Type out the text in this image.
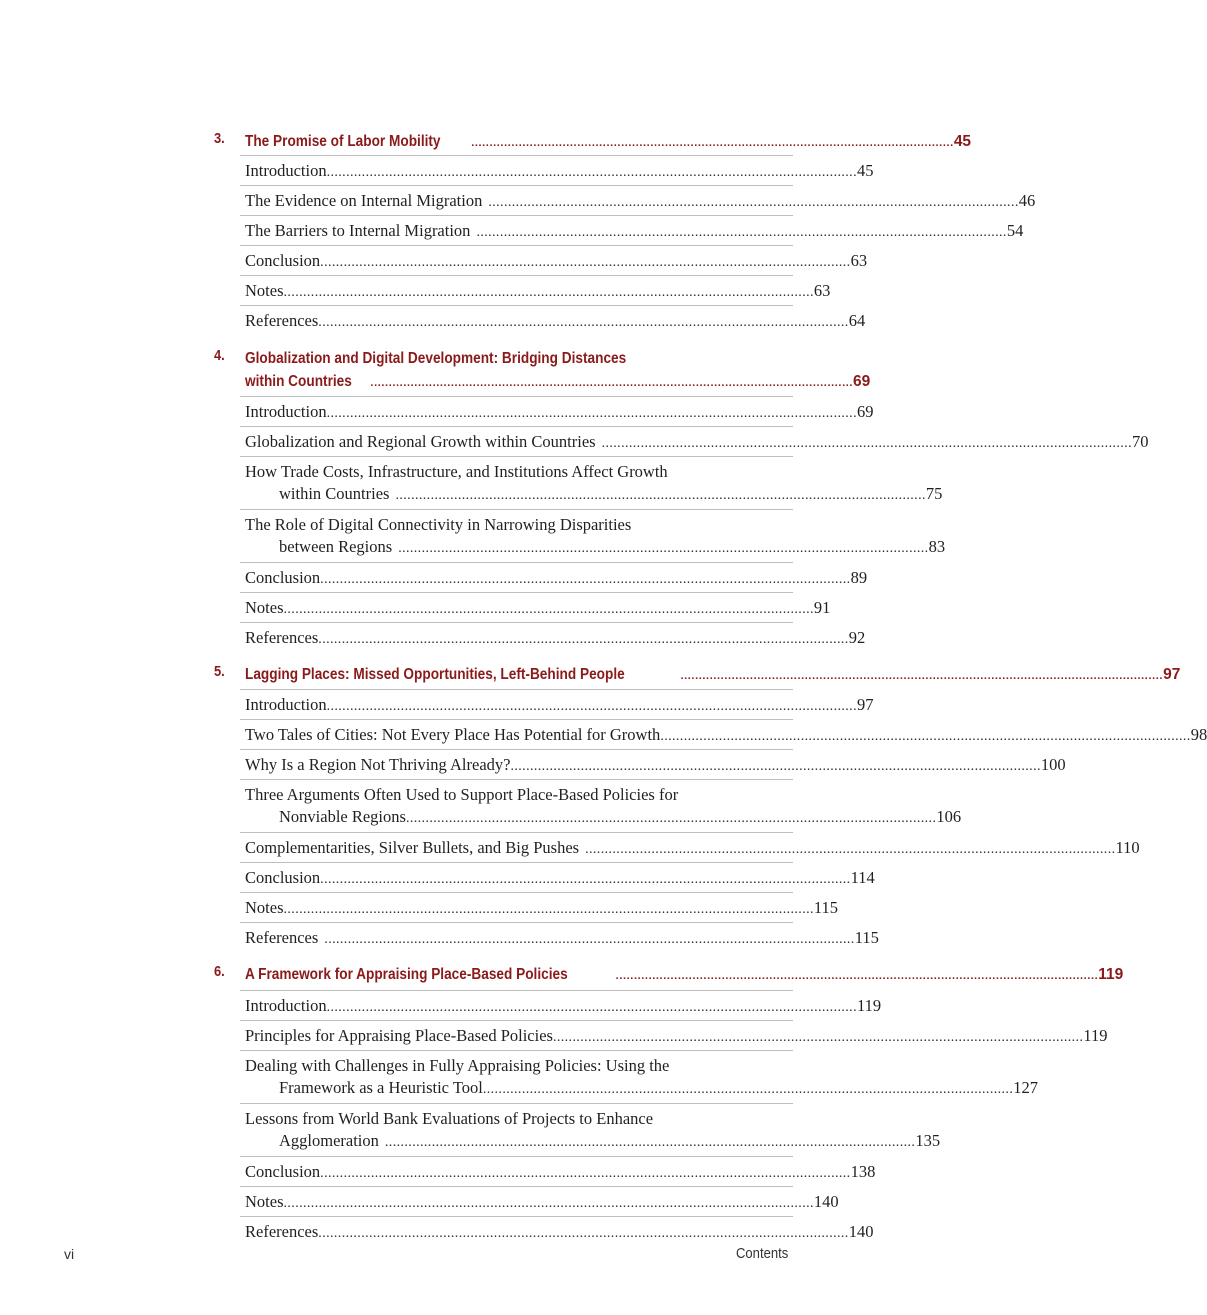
3. The Promise of Labor Mobility	.................................................................................................................................... 45
Introduction ........................................................................................................................................ 45
The Evidence on Internal Migration ........................................................................................................................................ 46
The Barriers to Internal Migration ........................................................................................................................................ 54
Conclusion ........................................................................................................................................ 63
Notes ........................................................................................................................................ 63
References ........................................................................................................................................ 64
4. Globalization and Digital Development: Bridging Distances
within Countries .................................................................................................................................... 69
Introduction ........................................................................................................................................ 69
Globalization and Regional Growth within Countries ........................................................................................................................................ 70
How Trade Costs, Infrastructure, and Institutions Affect Growth
within Countries ........................................................................................................................................ 75
The Role of Digital Connectivity in Narrowing Disparities
between Regions ........................................................................................................................................ 83
Conclusion ........................................................................................................................................ 89
Notes ........................................................................................................................................ 91
References ........................................................................................................................................ 92
5. Lagging Places: Missed Opportunities, Left-Behind People	.................................................................................................................................... 97
Introduction ........................................................................................................................................ 97
Two Tales of Cities: Not Every Place Has Potential for Growth ........................................................................................................................................ 98
Why Is a Region Not Thriving Already? ........................................................................................................................................ 100
Three Arguments Often Used to Support Place-Based Policies for
Nonviable Regions ........................................................................................................................................ 106
Complementarities, Silver Bullets, and Big Pushes ........................................................................................................................................ 110
Conclusion ........................................................................................................................................ 114
Notes ........................................................................................................................................ 115
References ........................................................................................................................................ 115
6. A Framework for Appraising Place-Based Policies	.................................................................................................................................... 119
Introduction ........................................................................................................................................ 119
Principles for Appraising Place-Based Policies ........................................................................................................................................ 119
Dealing with Challenges in Fully Appraising Policies: Using the
Framework as a Heuristic Tool ........................................................................................................................................ 127
Lessons from World Bank Evaluations of Projects to Enhance
Agglomeration ........................................................................................................................................ 135
Conclusion ........................................................................................................................................ 138
Notes ........................................................................................................................................ 140
References ........................................................................................................................................ 140
vi	Contents
